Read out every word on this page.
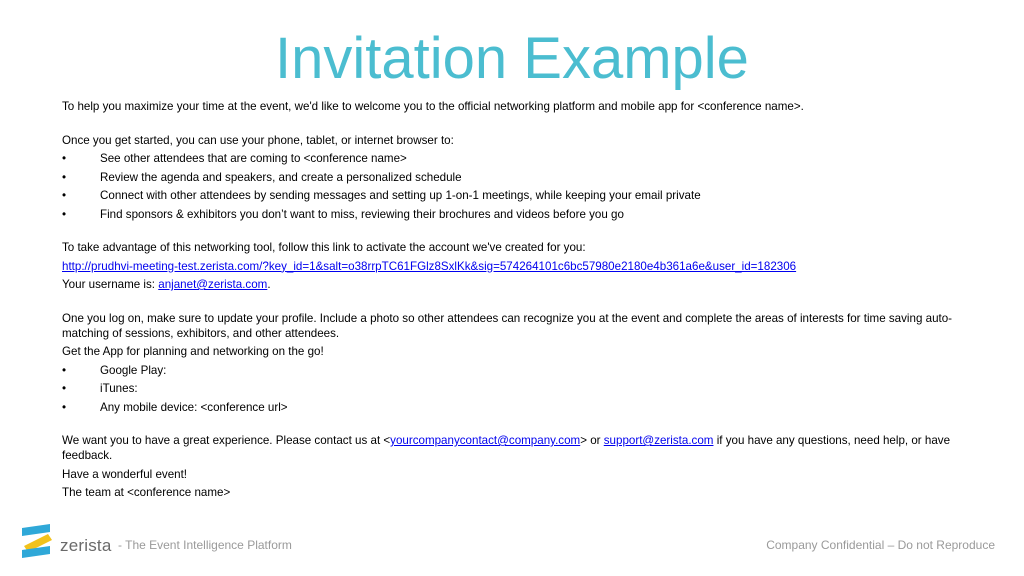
Invitation Example
To help you maximize your time at the event, we'd like to welcome you to the official networking platform and mobile app for <conference name>.
Once you get started, you can use your phone, tablet, or internet browser to:
•	See other attendees that are coming to <conference name>
•	Review the agenda and speakers, and create a personalized schedule
•	Connect with other attendees by sending messages and setting up 1-on-1 meetings, while keeping your email private
•	Find sponsors & exhibitors you don’t want to miss, reviewing their brochures and videos before you go
To take advantage of this networking tool, follow this link to activate the account we've created for you:
http://prudhvi-meeting-test.zerista.com/?key_id=1&salt=o38rrpTC61FGlz8SxlKk&sig=574264101c6bc57980e2180e4b361a6e&user_id=182306
Your username is: anjanet@zerista.com.
One you log on, make sure to update your profile. Include a photo so other attendees can recognize you at the event and complete the areas of interests for time saving auto-matching of sessions, exhibitors, and other attendees.
Get the App for planning and networking on the go!
•	Google Play:
•	iTunes:
•	Any mobile device: <conference url>
We want you to have a great experience. Please contact us at <yourcompanycontact@company.com> or support@zerista.com if you have any questions, need help, or have feedback.
Have a wonderful event!
The team at <conference name>
zerista - The Event Intelligence Platform	Company Confidential – Do not Reproduce
